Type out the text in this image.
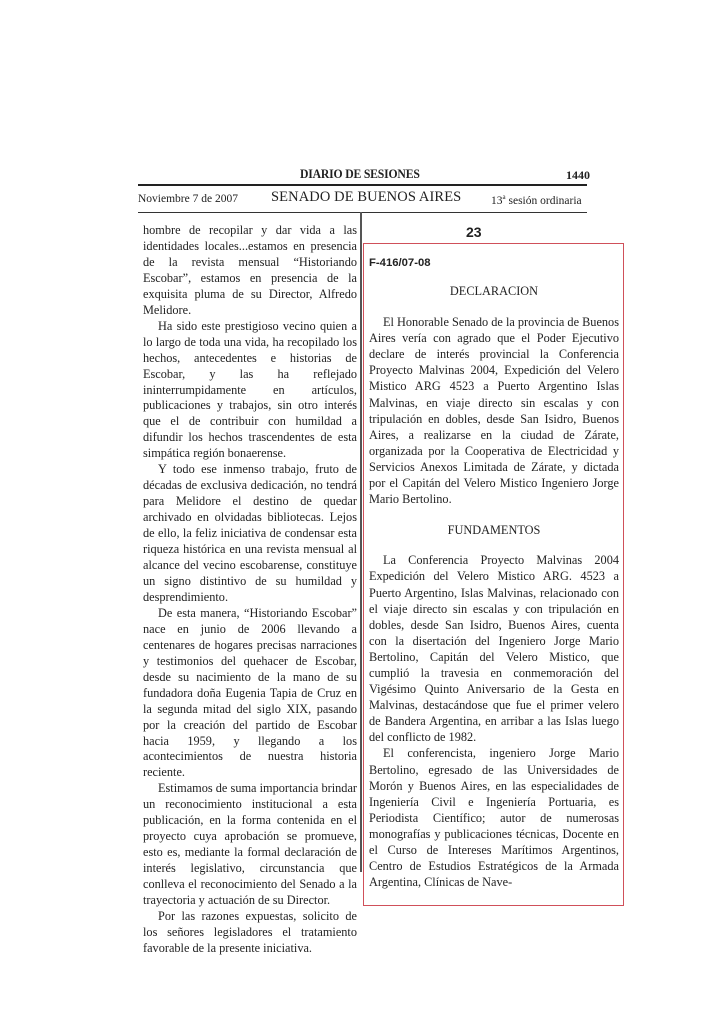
DIARIO DE SESIONES	1440
Noviembre 7 de 2007 SENADO DE BUENOS AIRES	13$^a$ sesión ordinaria

hombre de recopilar y dar vida a las identidades locales...estamos en presencia de la revista mensual “Historiando Escobar”, estamos en presencia de la exquisita pluma de su Director, Alfredo Melidore.

Ha sido este prestigioso vecino quien a lo largo de toda una vida, ha recopilado los hechos, antecedentes e historias de Escobar, y las ha reflejado ininterrumpidamente en artículos, publicaciones y trabajos, sin otro interés que el de contribuir con humildad a difundir los hechos trascendentes de esta simpática región bonaerense.

Y todo ese inmenso trabajo, fruto de décadas de exclusiva dedicación, no tendrá para Melidore el destino de quedar archivado en olvidadas bibliotecas. Lejos de ello, la feliz iniciativa de condensar esta riqueza histórica en una revista mensual al alcance del vecino escobarense, constituye un signo distintivo de su humildad y desprendimiento.

De esta manera, “Historiando Escobar” nace en junio de 2006 llevando a centenares de hogares precisas narraciones y testimonios del quehacer de Escobar, desde su nacimiento de la mano de su fundadora doña Eugenia Tapia de Cruz en la segunda mitad del siglo XIX, pasando por la creación del partido de Escobar hacia 1959, y llegando a los acontecimientos de nuestra historia reciente.

Estimamos de suma importancia brindar un reconocimiento institucional a esta publicación, en la forma contenida en el proyecto cuya aprobación se promueve, esto es, mediante la formal declaración de interés legislativo, circunstancia que conlleva el reconocimiento del Senado a la trayectoria y actuación de su Director.

Por las razones expuestas, solicito de los señores legisladores el tratamiento favorable de la presente iniciativa.

23
F-416/07-08

DECLARACION

El Honorable Senado de la provincia de Buenos Aires vería con agrado que el Poder Ejecutivo declare de interés provincial la Conferencia Proyecto Malvinas 2004, Expedición del Velero Mistico ARG 4523 a Puerto Argentino Islas Malvinas, en viaje directo sin escalas y con tripulación en dobles, desde San Isidro, Buenos Aires, a realizarse en la ciudad de Zárate, organizada por la Cooperativa de Electricidad y Servicios Anexos Limitada de Zárate, y dictada por el Capitán del Velero Mistico Ingeniero Jorge Mario Bertolino.

FUNDAMENTOS

La Conferencia Proyecto Malvinas 2004 Expedición del Velero Mistico ARG. 4523 a Puerto Argentino, Islas Malvinas, relacionado con el viaje directo sin escalas y con tripulación en dobles, desde San Isidro, Buenos Aires, cuenta con la disertación del Ingeniero Jorge Mario Bertolino, Capitán del Velero Mistico, que cumplió la travesia en conmemoración del Vigésimo Quinto Aniversario de la Gesta en Malvinas, destacándose que fue el primer velero de Bandera Argentina, en arribar a las Islas luego del conflicto de 1982.

El conferencista, ingeniero Jorge Mario Bertolino, egresado de las Universidades de Morón y Buenos Aires, en las especialidades de Ingeniería Civil e Ingeniería Portuaria, es Periodista Científico; autor de numerosas monografías y publicaciones técnicas, Docente en el Curso de Intereses Marítimos Argentinos, Centro de Estudios Estratégicos de la Armada Argentina, Clínicas de Nave-
